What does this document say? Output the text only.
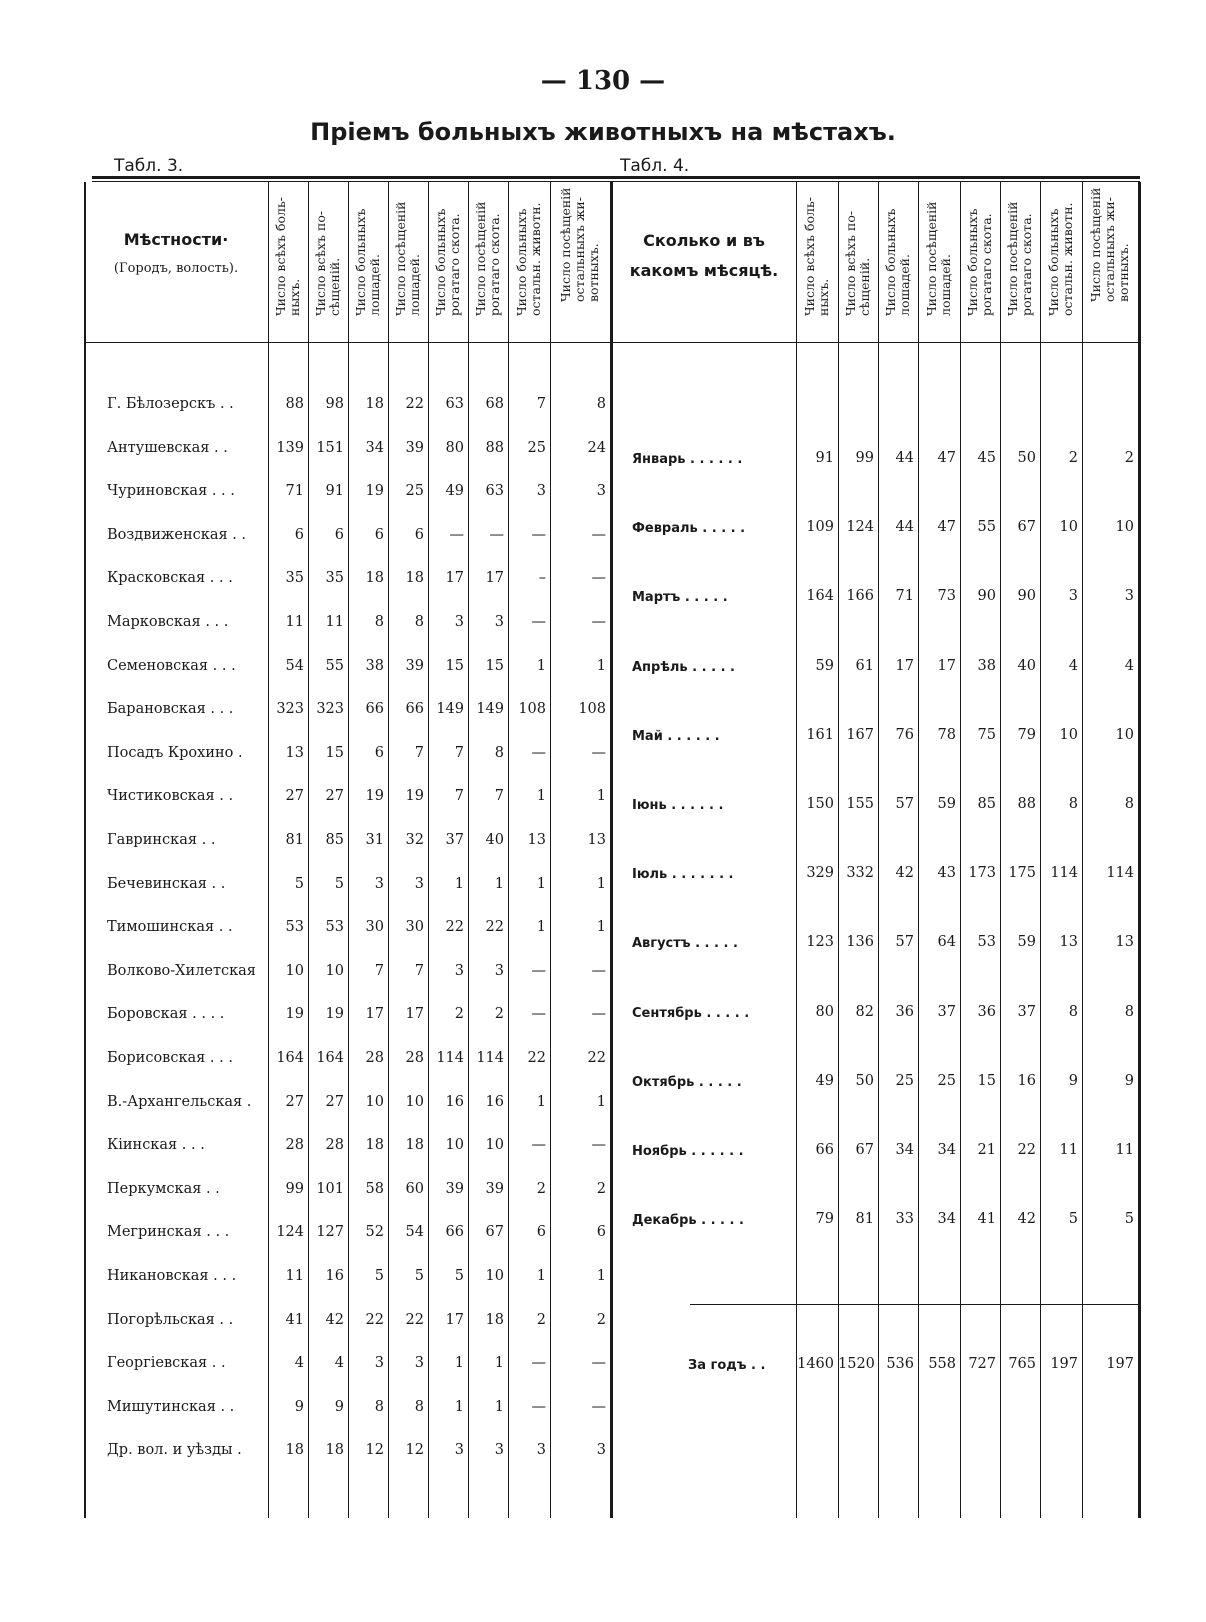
— 130 —
Пріемъ больныхъ животныхъ на мѣстахъ.
Табл. 3.	Табл. 4.
Мѣстности·
(Городъ, волость).	Число всѣхъ боль-
ныхъ. Число всѣхъ по-
сѣщеній. Число больныхъ
лошадей. Число посѣщеній
лошадей. Число больныхъ
рогатаго скота. Число посѣщеній
рогатаго скота. Число больныхъ
остальн. животн. Число посѣщеній
остальныхъ жи-
вотныхъ.
Г. Бѣлозерскъ . .	88	98	18	22	63	68	7	8
Антушевская . .	139 151	34	39	80	88	25	24
Чуриновская . . .	71	91	19	25	49	63	3	3
Воздвиженская . .	6	6	6	6	—	—	—	—
Красковская . . .	35	35	18	18	17	17	–	—
Марковская . . .	11	11	8	8	3	3	—	—
Семеновская . . .	54	55	38	39	15	15	1	1
Барановская . . .	323 323	66	66 149 149 108	108
Посадъ Крохино .	13	15	6	7	7	8	—	—
Чистиковская . .	27	27	19	19	7	7	1	1
Гавринская . .	81	85	31	32	37	40	13	13
Бечевинская . .	5	5	3	3	1	1	1	1
Тимошинская . .	53	53	30	30	22	22	1	1
Волково-Хилетская	10	10	7	7	3	3	—	—
Боровская . . . .	19	19	17	17	2	2	—	—
Борисовская . . .	164 164	28	28 114 114	22	22
В.-Архангельская .	27	27	10	10	16	16	1	1
Кіинская . . .	28	28	18	18	10	10	—	—
Перкумская . .	99 101	58	60	39	39	2	2
Мегринская . . .	124 127	52	54	66	67	6	6
Никановская . . .	11	16	5	5	5	10	1	1
Погорѣльская . .	41	42	22	22	17	18	2	2
Георгіевская . .	4	4	3	3	1	1	—	—
Мишутинская . .	9	9	8	8	1	1	—	—
Др. вол. и уѣзды .	18	18	12	12	3	3	3	3
Сколько и въ
какомъ мѣсяцѣ.	Число всѣхъ боль-
ныхъ. Число всѣхъ по-
сѣщеній. Число больныхъ
лошадей. Число посѣщеній
лошадей. Число больныхъ
рогатаго скота. Число посѣщеній
рогатаго скота. Число больныхъ
остальн. животн. Число посѣщеній
остальныхъ жи-
вотныхъ.
Январь . . . . . .	91	99	44	47	45	50	2	2
Февраль . . . . .	109 124	44	47	55	67	10	10
Мартъ . . . . .	164 166	71	73	90	90	3	3
Апрѣль . . . . .	59	61	17	17	38	40	4	4
Май . . . . . .	161 167	76	78	75	79	10	10
Іюнь . . . . . .	150 155	57	59	85	88	8	8
Іюль . . . . . . .	329 332	42	43 173 175 114	114
Августъ . . . . .	123 136	57	64	53	59	13	13
Сентябрь . . . . .	80	82	36	37	36	37	8	8
Октябрь . . . . .	49	50	25	25	15	16	9	9
Ноябрь . . . . . .	66	67	34	34	21	22	11	11
Декабрь . . . . .	79	81	33	34	41	42	5	5
За годъ . . 1460 1520 536 558 727 765 197	197
